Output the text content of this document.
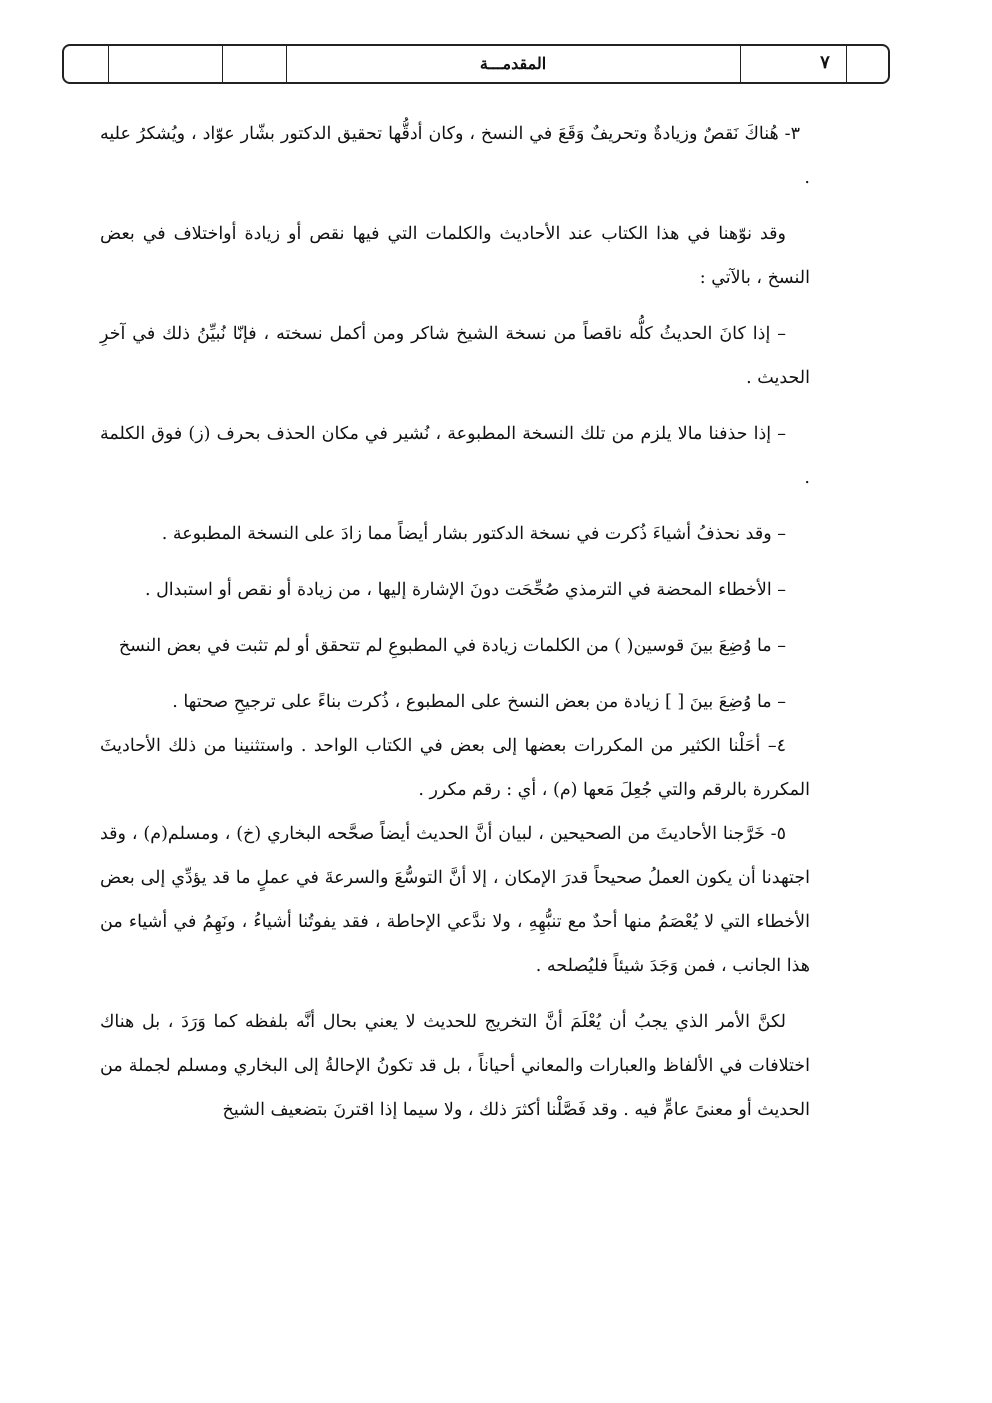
المقدمـــة	٧

٣- هُناكَ نَقصٌ وزيادةٌ وتحريفٌ وَقَعَ في النسخ ، وكان أدقُّها تحقيق الدكتور بشّار عوّاد ، ويُشكرُ عليه .

وقد نوّهنا في هذا الكتاب عند الأحاديث والكلمات التي فيها نقص أو زيادة أواختلاف في بعض النسخ ، بالآتي :

– إذا كانَ الحديثُ كلُّه ناقصاً من نسخة الشيخ شاكر ومن أكمل نسخته ، فإنّا نُبيِّنُ ذلك في آخرِ الحديث .

– إذا حذفنا مالا يلزم من تلك النسخة المطبوعة ، نُشير في مكان الحذف بحرف (ز) فوق الكلمة .

– وقد نحذفُ أشياءَ ذُكرت في نسخة الدكتور بشار أيضاً مما زادَ على النسخة المطبوعة .

– الأخطاء المحضة في الترمذي صُحِّحَت دونَ الإشارة إليها ، من زيادة أو نقص أو استبدال .

– ما وُضِعَ بينَ قوسين( ) من الكلمات زيادة في المطبوعِ لم تتحقق أو لم تثبت في بعض النسخ

– ما وُضِعَ بينَ [ ] زيادة من بعض النسخ على المطبوع ، ذُكرت بناءً على ترجيحِ صحتها .

٤– أحَلْنا الكثير من المكررات بعضها إلى بعض في الكتاب الواحد . واستثنينا من ذلك الأحاديثَ المكررة بالرقم والتي جُعِلَ مَعها (م) ، أي : رقم مكرر .

٥- خَرَّجنا الأحاديثَ من الصحيحين ، لبيان أنَّ الحديث أيضاً صحَّحه البخاري (خ) ، ومسلم(م) ، وقد اجتهدنا أن يكون العملُ صحيحاً قدرَ الإمكان ، إلا أنَّ التوسُّعَ والسرعةَ في عملٍ ما قد يؤدِّي إلى بعض الأخطاء التي لا يُعْصَمُ منها أحدٌ مع تنبُّهِهِ ، ولا ندَّعي الإحاطة ، فقد يفوتُنا أشياءُ ، ونَهِمُ في أشياء من هذا الجانب ، فمن وَجَدَ شيئاً فليُصلحه .

لكنَّ الأمر الذي يجبُ أن يُعْلَمَ أنَّ التخريج للحديث لا يعني بحال أنَّه بلفظه كما وَرَدَ ، بل هناك اختلافات في الألفاظ والعبارات والمعاني أحياناً ، بل قد تكونُ الإحالةُ إلى البخاري ومسلم لجملة من الحديث أو معنىً عامٍّ فيه . وقد فَصَّلْنا أكثرَ ذلك ، ولا سيما إذا اقترنَ بتضعيف الشيخ
